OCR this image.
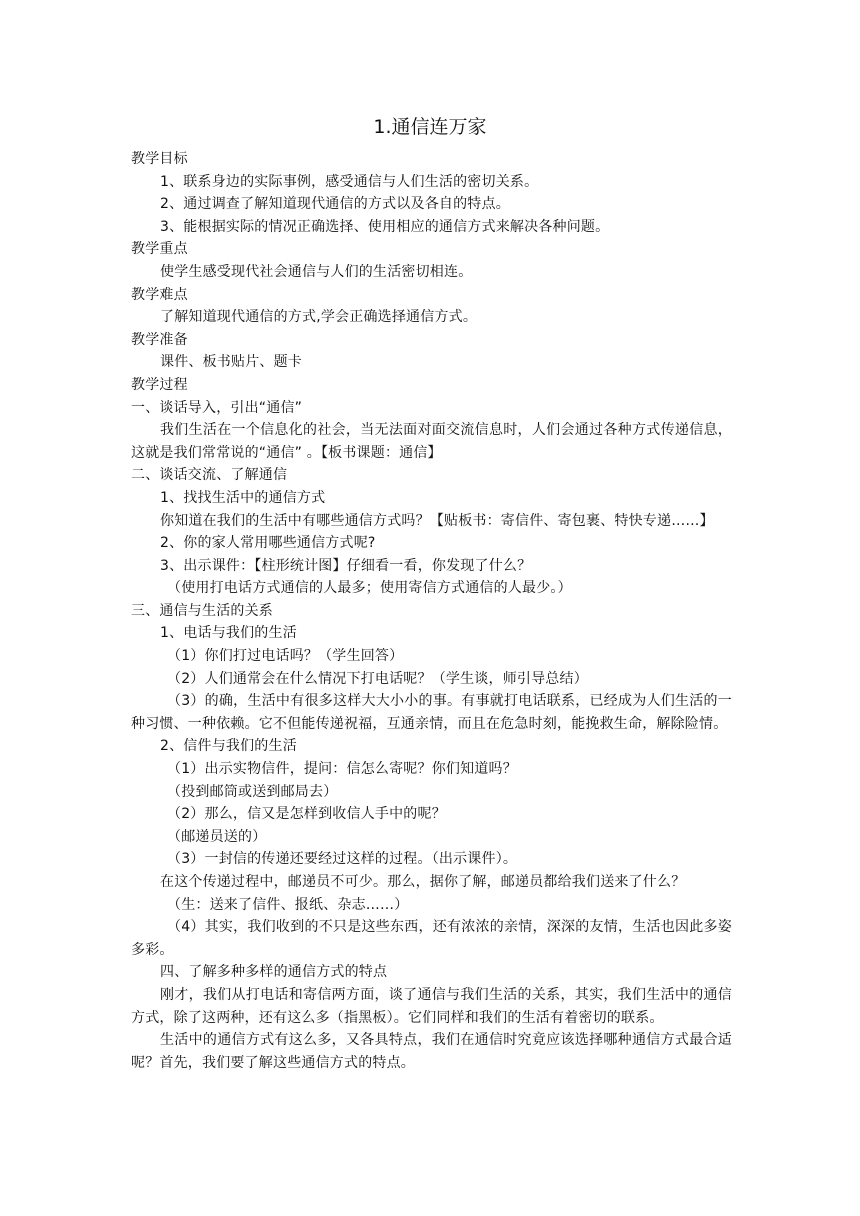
1.通信连万家
教学目标
1、联系身边的实际事例，感受通信与人们生活的密切关系。
2、通过调查了解知道现代通信的方式以及各自的特点。
3、能根据实际的情况正确选择、使用相应的通信方式来解决各种问题。
教学重点
使学生感受现代社会通信与人们的生活密切相连。
教学难点
了解知道现代通信的方式,学会正确选择通信方式。
教学准备
课件、板书贴片、题卡
教学过程
一、谈话导入，引出“通信”
我们生活在一个信息化的社会，当无法面对面交流信息时，人们会通过各种方式传递信息，这就是我们常常说的“通信” 。【板书课题：通信】
二、谈话交流、了解通信
1、找找生活中的通信方式
你知道在我们的生活中有哪些通信方式吗？【贴板书：寄信件、寄包裹、特快专递……】
2、你的家人常用哪些通信方式呢?
3、出示课件：【柱形统计图】仔细看一看，你发现了什么？
（使用打电话方式通信的人最多；使用寄信方式通信的人最少。）
三、通信与生活的关系
1、电话与我们的生活
（1）你们打过电话吗？（学生回答）
（2）人们通常会在什么情况下打电话呢？（学生谈，师引导总结）
（3）的确，生活中有很多这样大大小小的事。有事就打电话联系，已经成为人们生活的一种习惯、一种依赖。它不但能传递祝福，互通亲情，而且在危急时刻，能挽救生命，解除险情。
2、信件与我们的生活
（1）出示实物信件，提问：信怎么寄呢？你们知道吗？
（投到邮筒或送到邮局去）
（2）那么，信又是怎样到收信人手中的呢？
（邮递员送的）
（3）一封信的传递还要经过这样的过程。（出示课件）。
在这个传递过程中，邮递员不可少。那么，据你了解，邮递员都给我们送来了什么？
（生：送来了信件、报纸、杂志……）
（4）其实，我们收到的不只是这些东西，还有浓浓的亲情，深深的友情，生活也因此多姿多彩。
四、了解多种多样的通信方式的特点
刚才，我们从打电话和寄信两方面，谈了通信与我们生活的关系，其实，我们生活中的通信方式，除了这两种，还有这么多（指黑板）。它们同样和我们的生活有着密切的联系。
生活中的通信方式有这么多，又各具特点，我们在通信时究竟应该选择哪种通信方式最合适呢？首先，我们要了解这些通信方式的特点。
